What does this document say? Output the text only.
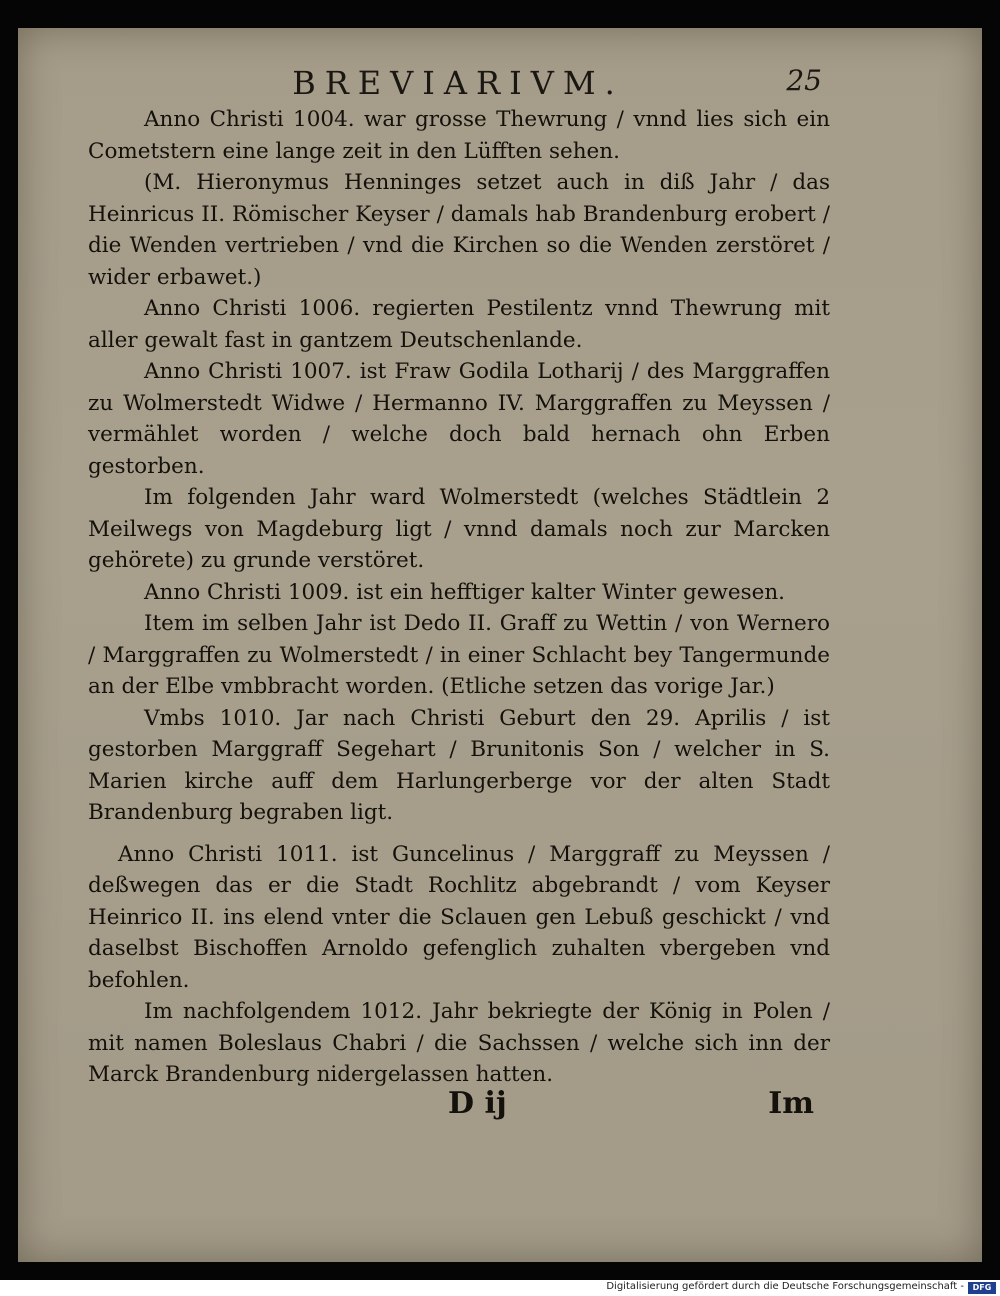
BREVIARIVM.	25

Anno Christi 1004. war grosse Thewrung / vnnd lies sich ein Cometstern eine lange zeit in den Lüfften sehen.

(M. Hieronymus Henninges setzet auch in diß Jahr / das Heinricus II. Römischer Keyser / damals hab Brandenburg erobert / die Wenden vertrieben / vnd die Kirchen so die Wenden zerstöret / wider erbawet.)

Anno Christi 1006. regierten Pestilentz vnnd Thewrung mit aller gewalt fast in gantzem Deutschenlande.

Anno Christi 1007. ist Fraw Godila Lotharij / des Marggraffen zu Wolmerstedt Widwe / Hermanno IV. Marggraffen zu Meyssen / vermählet worden / welche doch bald hernach ohn Erben gestorben.

Im folgenden Jahr ward Wolmerstedt (welches Städtlein 2 Meilwegs von Magdeburg ligt / vnnd damals noch zur Marcken gehörete) zu grunde verstöret.

Anno Christi 1009. ist ein hefftiger kalter Winter gewesen.

Item im selben Jahr ist Dedo II. Graff zu Wettin / von Wernero / Marggraffen zu Wolmerstedt / in einer Schlacht bey Tangermunde an der Elbe vmbbracht worden. (Etliche setzen das vorige Jar.)

Vmbs 1010. Jar nach Christi Geburt den 29. Aprilis / ist gestorben Marggraff Segehart / Brunitonis Son / welcher in S. Marien kirche auff dem Harlungerberge vor der alten Stadt Brandenburg begraben ligt.

Anno Christi 1011. ist Guncelinus / Marggraff zu Meyssen / deßwegen das er die Stadt Rochlitz abgebrandt / vom Keyser Heinrico II. ins elend vnter die Sclauen gen Lebuß geschickt / vnd daselbst Bischoffen Arnoldo gefenglich zuhalten vbergeben vnd befohlen.

Im nachfolgendem 1012. Jahr bekriegte der König in Polen / mit namen Boleslaus Chabri / die Sachssen / welche sich inn der Marck Brandenburg nidergelassen hatten.

D ij	Im
Digitalisierung gefördert durch die Deutsche Forschungsgemeinschaft -	DFG
